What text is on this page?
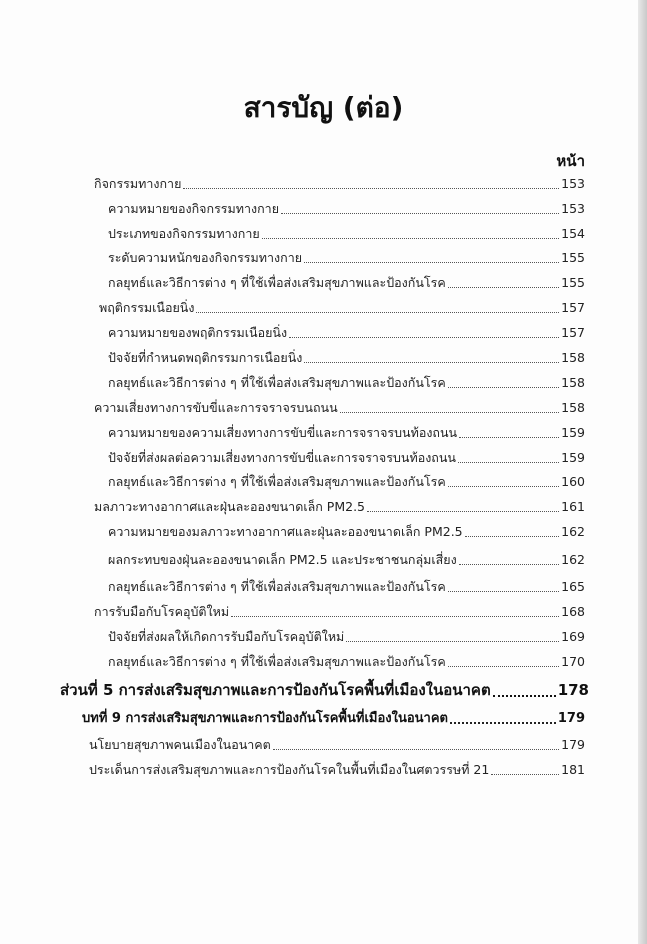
สารบัญ (ต่อ)
หน้า
กิจกรรมทางกาย	153
ความหมายของกิจกรรมทางกาย	153
ประเภทของกิจกรรมทางกาย	154
ระดับความหนักของกิจกรรมทางกาย	155
กลยุทธ์และวิธีการต่าง ๆ ที่ใช้เพื่อส่งเสริมสุขภาพและป้องกันโรค	155
พฤติกรรมเนือยนิ่ง	157
ความหมายของพฤติกรรมเนือยนิ่ง	157
ปัจจัยที่กำหนดพฤติกรรมการเนือยนิ่ง	158
กลยุทธ์และวิธีการต่าง ๆ ที่ใช้เพื่อส่งเสริมสุขภาพและป้องกันโรค	158
ความเสี่ยงทางการขับขี่และการจราจรบนถนน	158
ความหมายของความเสี่ยงทางการขับขี่และการจราจรบนท้องถนน	159
ปัจจัยที่ส่งผลต่อความเสี่ยงทางการขับขี่และการจราจรบนท้องถนน	159
กลยุทธ์และวิธีการต่าง ๆ ที่ใช้เพื่อส่งเสริมสุขภาพและป้องกันโรค	160
มลภาวะทางอากาศและฝุ่นละอองขนาดเล็ก PM2.5	161
ความหมายของมลภาวะทางอากาศและฝุ่นละอองขนาดเล็ก PM2.5	162
ผลกระทบของฝุ่นละอองขนาดเล็ก PM2.5 และประชาชนกลุ่มเสี่ยง	162
กลยุทธ์และวิธีการต่าง ๆ ที่ใช้เพื่อส่งเสริมสุขภาพและป้องกันโรค	165
การรับมือกับโรคอุบัติใหม่	168
ปัจจัยที่ส่งผลให้เกิดการรับมือกับโรคอุบัติใหม่	169
กลยุทธ์และวิธีการต่าง ๆ ที่ใช้เพื่อส่งเสริมสุขภาพและป้องกันโรค	170
ส่วนที่ 5 การส่งเสริมสุขภาพและการป้องกันโรคพื้นที่เมืองในอนาคต	178
บทที่ 9 การส่งเสริมสุขภาพและการป้องกันโรคพื้นที่เมืองในอนาคต	179
นโยบายสุขภาพคนเมืองในอนาคต	179
ประเด็นการส่งเสริมสุขภาพและการป้องกันโรคในพื้นที่เมืองในศตวรรษที่ 21	181
